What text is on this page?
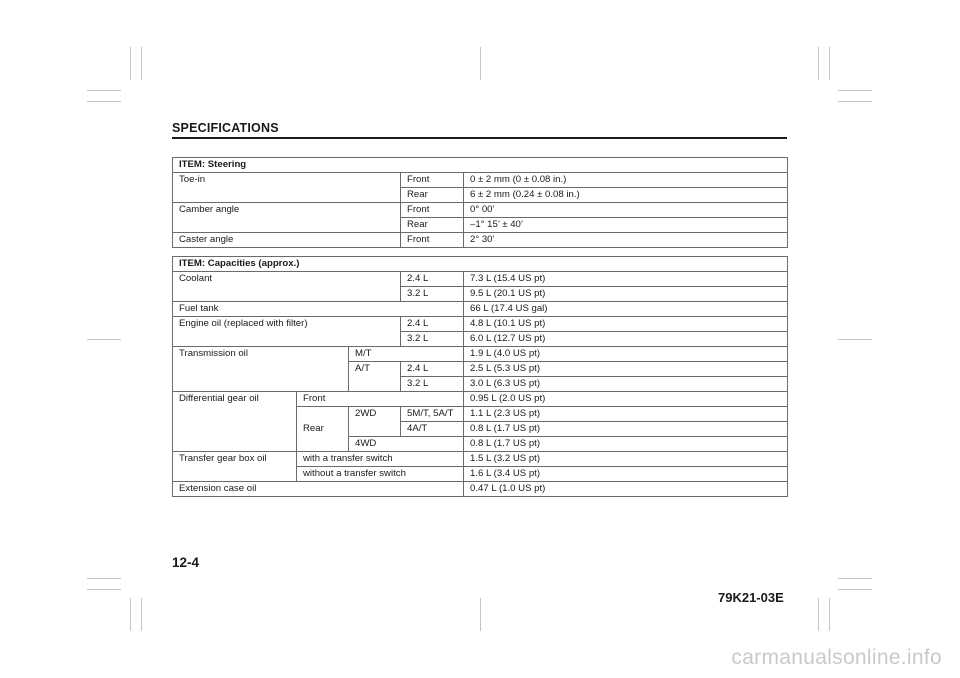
SPECIFICATIONS
ITEM: Steering		
Toe-in	Front	0 ± 2 mm (0 ± 0.08 in.)
	Rear	6 ± 2 mm (0.24 ± 0.08 in.)
Camber angle	Front	0° 00’
	Rear	–1° 15’ ± 40’
Caster angle	Front	2° 30’
ITEM: Capacities (approx.)				
Coolant			2.4 L	7.3 L (15.4 US pt)
			3.2 L	9.5 L (20.1 US pt)
Fuel tank				66 L (17.4 US gal)
Engine oil (replaced with filter)			2.4 L	4.8 L (10.1 US pt)
			3.2 L	6.0 L (12.7 US pt)
Transmission oil		M/T		1.9 L (4.0 US pt)
		A/T	2.4 L	2.5 L (5.3 US pt)
			3.2 L	3.0 L (6.3 US pt)
Differential gear oil	Front			0.95 L (2.0 US pt)
	Rear	2WD	5M/T, 5A/T	1.1 L (2.3 US pt)
			4A/T	0.8 L (1.7 US pt)
		4WD		0.8 L (1.7 US pt)
Transfer gear box oil	with a transfer switch			1.5 L (3.2 US pt)
	without a transfer switch			1.6 L (3.4 US pt)
Extension case oil				0.47 L (1.0 US pt)
12-4
79K21-03E
carmanualsonline.info
